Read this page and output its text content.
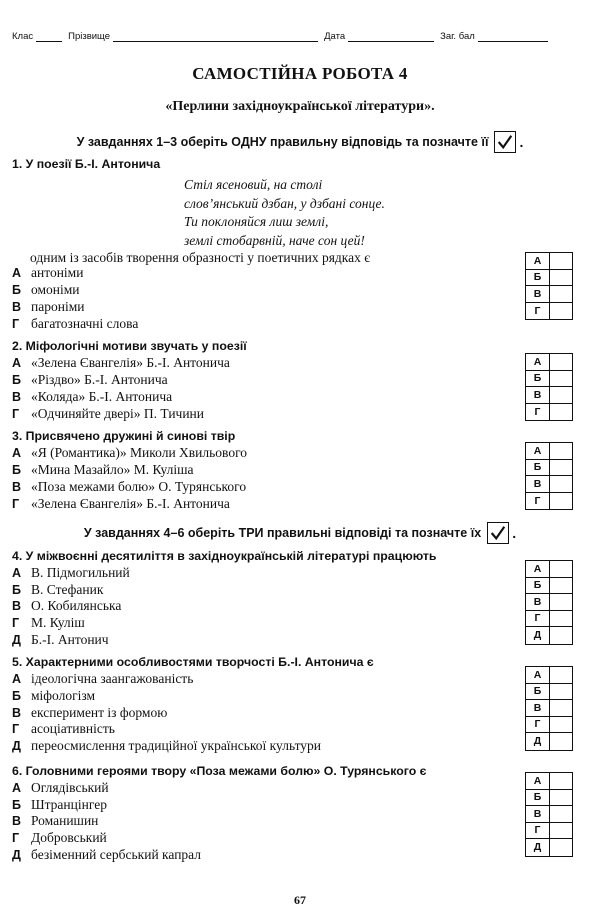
Клас	Прізвище	Дата	Заг. бал
САМОСТІЙНА РОБОТА 4
«Перлини західноукраїнської літератури».
У завданнях 1–3 оберіть ОДНУ правильну відповідь та позначте її .
1. У поезії Б.-І. Антонича
Стіл ясеновий, на столі
слов’янський дзбан, у дзбані сонце.
Ти поклоняйся лиш землі,
землі стобарвній, наче сон цей!
одним із засобів творення образності у поетичних рядках є
А антоніми
Б омоніми
В пароніми
Г багатозначні слова
А
Б
В
Г
2. Міфологічні мотиви звучать у поезії
А «Зелена Євангелія» Б.-І. Антонича
Б «Різдво» Б.-І. Антонича
В «Коляда» Б.-І. Антонича
Г «Одчиняйте двері» П. Тичини
А
Б
В
Г
3. Присвячено дружині й синові твір
А «Я (Романтика)» Миколи Хвильового
Б «Мина Мазайло» М. Куліша
В «Поза межами болю» О. Турянського
Г «Зелена Євангелія» Б.-І. Антонича
А
Б
В
Г
У завданнях 4–6 оберіть ТРИ правильні відповіді та позначте їх .
4. У міжвоєнні десятиліття в західноукраїнській літературі працюють
А В. Підмогильний
Б В. Стефаник
В О. Кобилянська
Г М. Куліш
Д Б.-І. Антонич
А
Б
В
Г
Д
5. Характерними особливостями творчості Б.-І. Антонича є
А ідеологічна заангажованість
Б міфологізм
В експеримент із формою
Г асоціативність
Д переосмислення традиційної української культури
А
Б
В
Г
Д
6. Головними героями твору «Поза межами болю» О. Турянського є
А Оглядівський
Б Штранцінгер
В Романишин
Г Добровський
Д безіменний сербський капрал
А
Б
В
Г
Д
67
